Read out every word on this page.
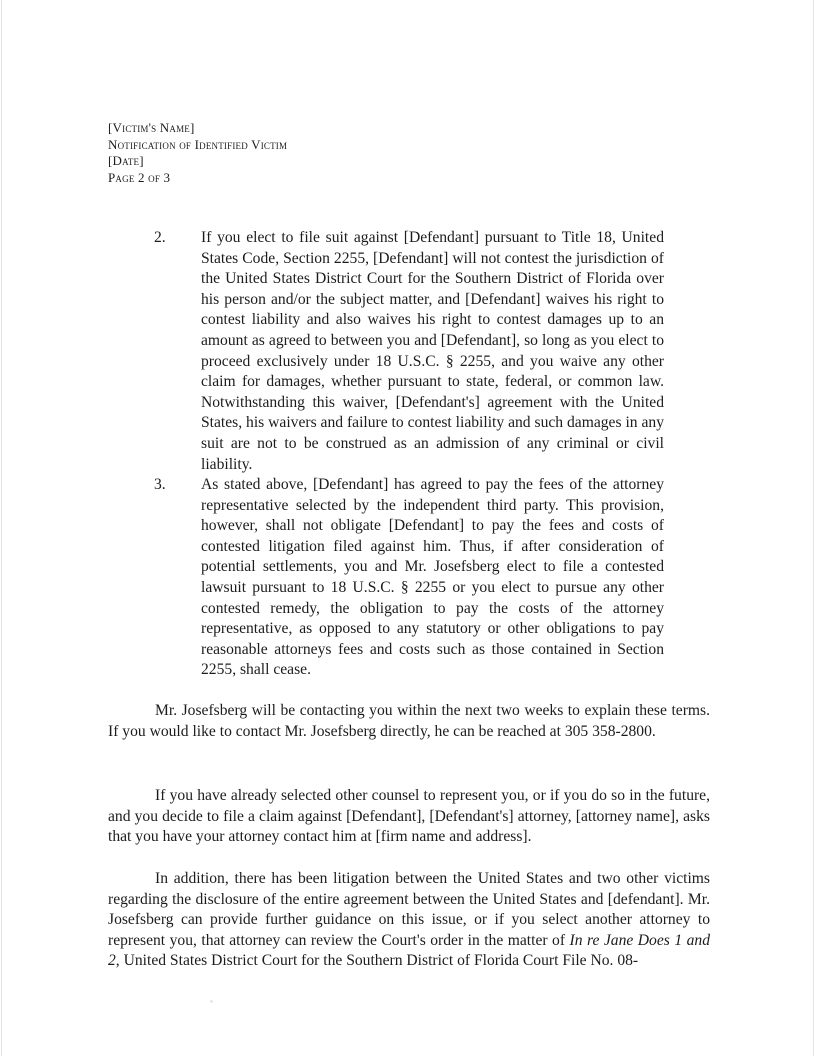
[Victim's Name]
Notification of Identified Victim
[Date]
Page 2 of 3
2. If you elect to file suit against [Defendant] pursuant to Title 18, United States Code, Section 2255, [Defendant] will not contest the jurisdiction of the United States District Court for the Southern District of Florida over his person and/or the subject matter, and [Defendant] waives his right to contest liability and also waives his right to contest damages up to an amount as agreed to between you and [Defendant], so long as you elect to proceed exclusively under 18 U.S.C. § 2255, and you waive any other claim for damages, whether pursuant to state, federal, or common law. Notwithstanding this waiver, [Defendant's] agreement with the United States, his waivers and failure to contest liability and such damages in any suit are not to be construed as an admission of any criminal or civil liability.
3. As stated above, [Defendant] has agreed to pay the fees of the attorney representative selected by the independent third party. This provision, however, shall not obligate [Defendant] to pay the fees and costs of contested litigation filed against him. Thus, if after consideration of potential settlements, you and Mr. Josefsberg elect to file a contested lawsuit pursuant to 18 U.S.C. § 2255 or you elect to pursue any other contested remedy, the obligation to pay the costs of the attorney representative, as opposed to any statutory or other obligations to pay reasonable attorneys fees and costs such as those contained in Section 2255, shall cease.
Mr. Josefsberg will be contacting you within the next two weeks to explain these terms. If you would like to contact Mr. Josefsberg directly, he can be reached at 305 358-2800.
If you have already selected other counsel to represent you, or if you do so in the future, and you decide to file a claim against [Defendant], [Defendant's] attorney, [attorney name], asks that you have your attorney contact him at [firm name and address].
In addition, there has been litigation between the United States and two other victims regarding the disclosure of the entire agreement between the United States and [defendant]. Mr. Josefsberg can provide further guidance on this issue, or if you select another attorney to represent you, that attorney can review the Court's order in the matter of In re Jane Does 1 and 2, United States District Court for the Southern District of Florida Court File No. 08-
